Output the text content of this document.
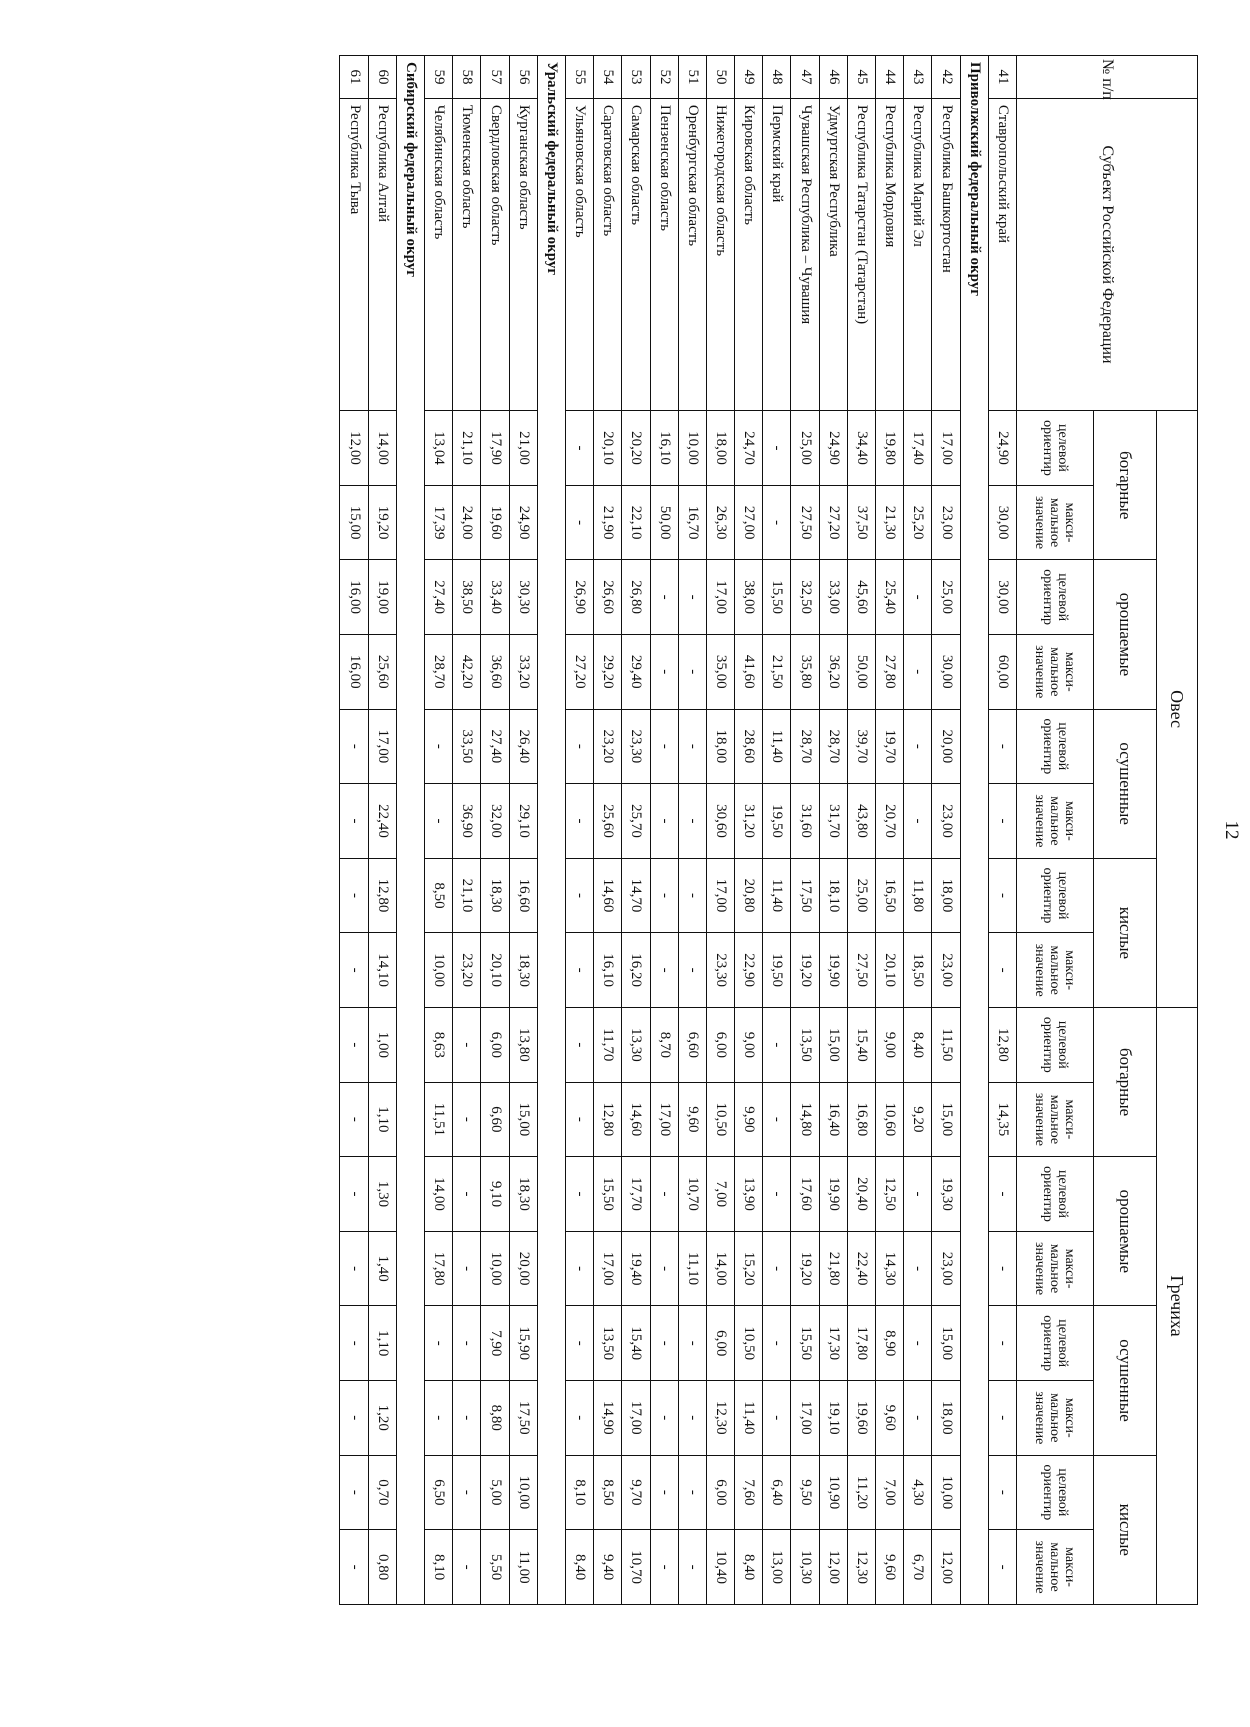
12
№ п/п	Субъект Российской Федерации	Овес								Гречиха							
		богарные		орошаемые		осушенные		кислые		богарные		орошаемые		осушенные		кислые	
		целевой ориентир	макси-мальное значение	целевой ориентир	макси-мальное значение	целевой ориентир	макси-мальное значение	целевой ориентир	макси-мальное значение	целевой ориентир	макси-мальное значение	целевой ориентир	макси-мальное значение	целевой ориентир	макси-мальное значение	целевой ориентир	макси-мальное значение
41	Ставропольский край	24,90	30,00	30,00	60,00	-	-	-	-	12,80	14,35	-	-	-	-	-	-
Приволжский федеральный округ																	
42	Республика Башкортостан	17,00	23,00	25,00	30,00	20,00	23,00	18,00	23,00	11,50	15,00	19,30	23,00	15,00	18,00	10,00	12,00
43	Республика Марий Эл	17,40	25,20	-	-	-	-	11,80	18,50	8,40	9,20	-	-	-	-	4,30	6,70
44	Республика Мордовия	19,80	21,30	25,40	27,80	19,70	20,70	16,50	20,10	9,00	10,60	12,50	14,30	8,90	9,60	7,00	9,60
45	Республика Татарстан (Татарстан)	34,40	37,50	45,60	50,00	39,70	43,80	25,00	27,50	15,40	16,80	20,40	22,40	17,80	19,60	11,20	12,30
46	Удмуртская Республика	24,90	27,20	33,00	36,20	28,70	31,70	18,10	19,90	15,00	16,40	19,90	21,80	17,30	19,10	10,90	12,00
47	Чувашская Республика – Чувашия	25,00	27,50	32,50	35,80	28,70	31,60	17,50	19,20	13,50	14,80	17,60	19,20	15,50	17,00	9,50	10,30
48	Пермский край	-	-	15,50	21,50	11,40	19,50	11,40	19,50	-	-	-	-	-	-	6,40	13,00
49	Кировская область	24,70	27,00	38,00	41,60	28,60	31,20	20,80	22,90	9,00	9,90	13,90	15,20	10,50	11,40	7,60	8,40
50	Нижегородская область	18,00	26,30	17,00	35,00	18,00	30,60	17,00	23,30	6,00	10,50	7,00	14,00	6,00	12,30	6,00	10,40
51	Оренбургская область	10,00	16,70	-	-	-	-	-	-	6,60	9,60	10,70	11,10	-	-	-	-
52	Пензенская область	16,10	50,00	-	-	-	-	-	-	8,70	17,00	-	-	-	-	-	-
53	Самарская область	20,20	22,10	26,80	29,40	23,30	25,70	14,70	16,20	13,30	14,60	17,70	19,40	15,40	17,00	9,70	10,70
54	Саратовская область	20,10	21,90	26,60	29,20	23,20	25,60	14,60	16,10	11,70	12,80	15,50	17,00	13,50	14,90	8,50	9,40
55	Ульяновская область	-	-	26,90	27,20	-	-	-	-	-	-	-	-	-	-	8,10	8,40
Уральский федеральный округ																	
56	Курганская область	21,00	24,90	30,30	33,20	26,40	29,10	16,60	18,30	13,80	15,00	18,30	20,00	15,90	17,50	10,00	11,00
57	Свердловская область	17,90	19,60	33,40	36,60	27,40	32,00	18,30	20,10	6,00	6,60	9,10	10,00	7,90	8,80	5,00	5,50
58	Тюменская область	21,10	24,00	38,50	42,20	33,50	36,90	21,10	23,20	-	-	-	-	-	-	-	-
59	Челябинская область	13,04	17,39	27,40	28,70	-	-	8,50	10,00	8,63	11,51	14,00	17,80	-	-	6,50	8,10
Сибирский федеральный округ																	
60	Республика Алтай	14,00	19,20	19,00	25,60	17,00	22,40	12,80	14,10	1,00	1,10	1,30	1,40	1,10	1,20	0,70	0,80
61	Республика Тыва	12,00	15,00	16,00	16,00	-	-	-	-	-	-	-	-	-	-	-	-
